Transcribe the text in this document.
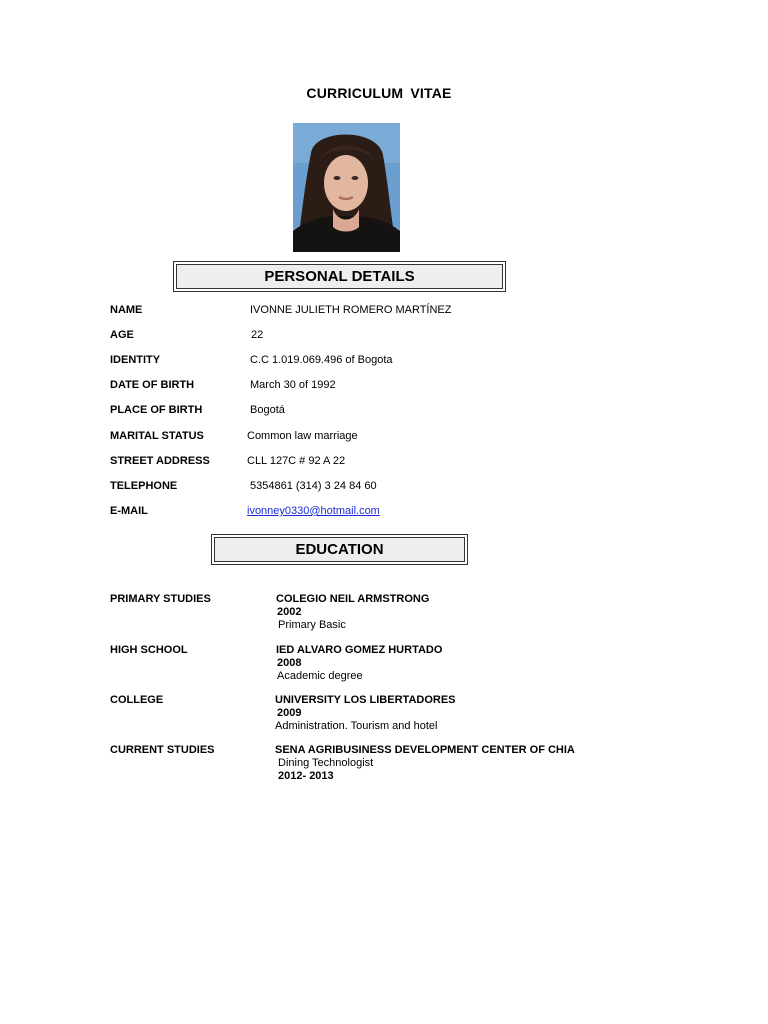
CURRICULUM VITAE
PERSONAL DETAILS
NAME	IVONNE JULIETH ROMERO MARTÍNEZ
AGE	22
IDENTITY	C.C 1.019.069.496 of Bogota
DATE OF BIRTH	March 30 of 1992
PLACE OF BIRTH	Bogotá
MARITAL STATUS	Common law marriage
STREET ADDRESS	CLL 127C # 92 A 22
TELEPHONE	5354861 (314) 3 24 84 60
E-MAIL	ivonney0330@hotmail.com
EDUCATION
PRIMARY STUDIES	COLEGIO NEIL ARMSTRONG
2002
Primary Basic
HIGH SCHOOL	IED ALVARO GOMEZ HURTADO
2008
Academic degree
COLLEGE	UNIVERSITY LOS LIBERTADORES
2009
Administration. Tourism and hotel
CURRENT STUDIES	SENA AGRIBUSINESS DEVELOPMENT CENTER OF CHIA
Dining Technologist
2012- 2013
